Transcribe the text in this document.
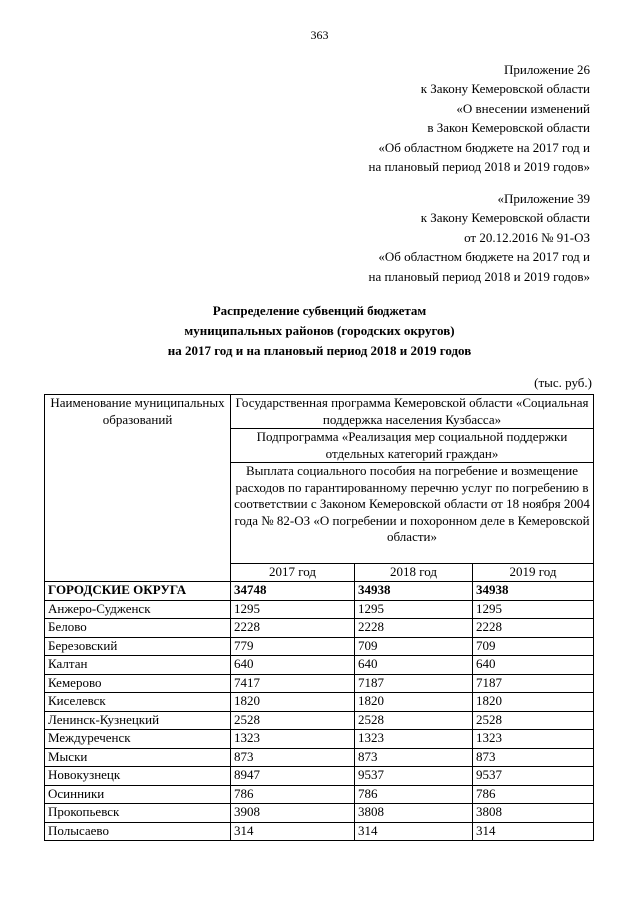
363
Приложение 26
к Закону Кемеровской области
«О внесении изменений
в Закон Кемеровской области
«Об областном бюджете на 2017 год и
на плановый период 2018 и 2019 годов»
«Приложение 39
к Закону Кемеровской области
от 20.12.2016 № 91-ОЗ
«Об областном бюджете на 2017 год и
на плановый период 2018 и 2019 годов»
Распределение субвенций бюджетам
муниципальных районов (городских округов)
на 2017 год и на плановый период 2018 и 2019 годов
(тыс. руб.)
Наименование муниципальных образований	Государственная программа Кемеровской области «Социальная поддержка населения Кузбасса»		
	Подпрограмма «Реализация мер социальной поддержки отдельных категорий граждан»		
	Выплата социального пособия на погребение и возмещение расходов по гарантированному перечню услуг по погребению в соответствии с Законом Кемеровской области от 18 ноября 2004 года № 82-ОЗ «О погребении и похоронном деле в Кемеровской области»		
	2017 год	2018 год	2019 год
ГОРОДСКИЕ ОКРУГА	34748	34938	34938
Анжеро-Судженск	1295	1295	1295
Белово	2228	2228	2228
Березовский	779	709	709
Калтан	640	640	640
Кемерово	7417	7187	7187
Киселевск	1820	1820	1820
Ленинск-Кузнецкий	2528	2528	2528
Междуреченск	1323	1323	1323
Мыски	873	873	873
Новокузнецк	8947	9537	9537
Осинники	786	786	786
Прокопьевск	3908	3808	3808
Полысаево	314	314	314
